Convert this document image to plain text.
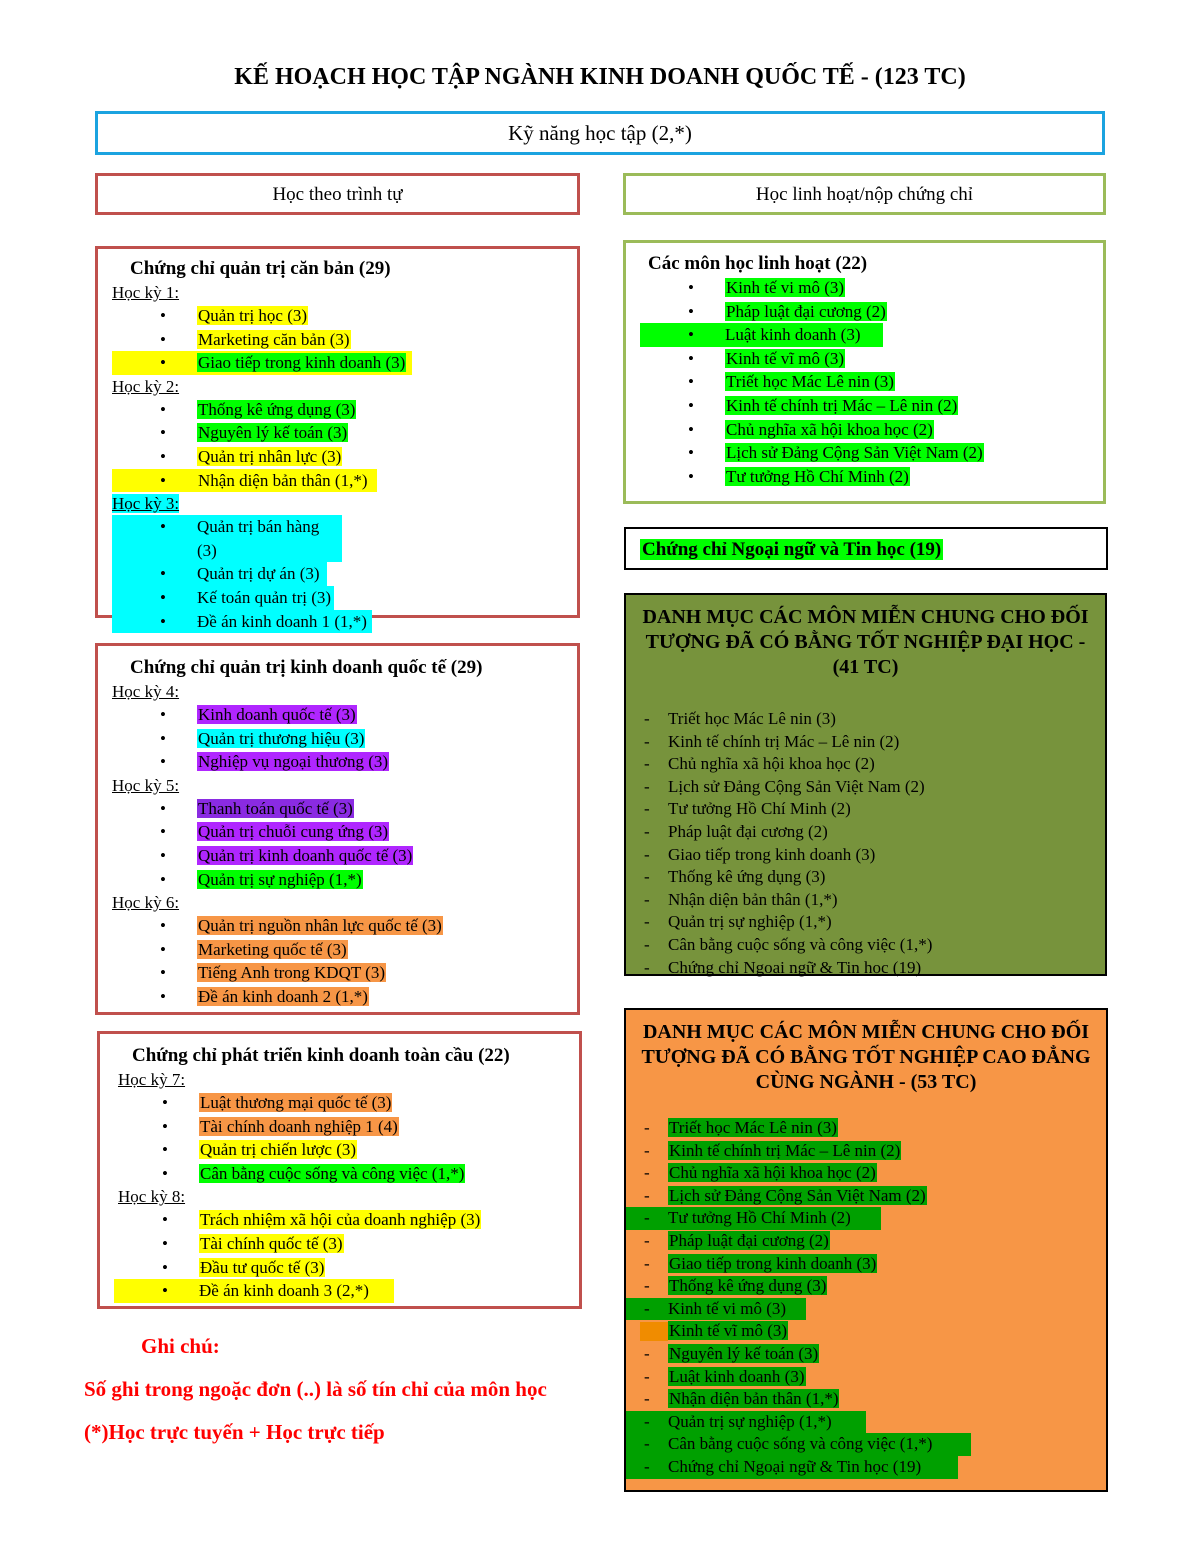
KẾ HOẠCH HỌC TẬP NGÀNH KINH DOANH QUỐC TẾ - (123 TC)
Kỹ năng học tập (2,*)
Học theo trình tự	Học linh hoạt/nộp chứng chỉ
Chứng chỉ quản trị căn bản (29)
Học kỳ 1:
• Quản trị học (3)
• Marketing căn bản (3)
• Giao tiếp trong kinh doanh (3)
Học kỳ 2:
• Thống kê ứng dụng (3)
• Nguyên lý kế toán (3)
• Quản trị nhân lực (3)
• Nhận diện bản thân (1,*)
Học kỳ 3:
• Quản trị bán hàng (3)
• Quản trị dự án (3)
• Kế toán quản trị (3)
• Đề án kinh doanh 1 (1,*)
Chứng chỉ quản trị kinh doanh quốc tế (29)
Học kỳ 4:
• Kinh doanh quốc tế (3)
• Quản trị thương hiệu (3)
• Nghiệp vụ ngoại thương (3)
Học kỳ 5:
• Thanh toán quốc tế (3)
• Quản trị chuỗi cung ứng (3)
• Quản trị kinh doanh quốc tế (3)
• Quản trị sự nghiệp (1,*)
Học kỳ 6:
• Quản trị nguồn nhân lực quốc tế (3)
• Marketing quốc tế (3)
• Tiếng Anh trong KDQT (3)
• Đề án kinh doanh 2 (1,*)
Chứng chỉ phát triển kinh doanh toàn cầu (22)
Học kỳ 7:
• Luật thương mại quốc tế (3)
• Tài chính doanh nghiệp 1 (4)
• Quản trị chiến lược (3)
• Cân bằng cuộc sống và công việc (1,*)
Học kỳ 8:
• Trách nhiệm xã hội của doanh nghiệp (3)
• Tài chính quốc tế (3)
• Đầu tư quốc tế (3)
• Đề án kinh doanh 3 (2,*)
Ghi chú:
Số ghi trong ngoặc đơn (..) là số tín chỉ của môn học
(*)Học trực tuyến + Học trực tiếp
Các môn học linh hoạt (22)
• Kinh tế vi mô (3)
• Pháp luật đại cương (2)
• Luật kinh doanh (3)
• Kinh tế vĩ mô (3)
• Triết học Mác Lê nin (3)
• Kinh tế chính trị Mác – Lê nin (2)
• Chủ nghĩa xã hội khoa học (2)
• Lịch sử Đảng Cộng Sản Việt Nam (2)
• Tư tưởng Hồ Chí Minh (2)
Chứng chỉ Ngoại ngữ và Tin học (19)
DANH MỤC CÁC MÔN MIỄN CHUNG CHO ĐỐI TƯỢNG ĐÃ CÓ BẰNG TỐT NGHIỆP ĐẠI HỌC - (41 TC)
- Triết học Mác Lê nin (3)
- Kinh tế chính trị Mác – Lê nin (2)
- Chủ nghĩa xã hội khoa học (2)
- Lịch sử Đảng Cộng Sản Việt Nam (2)
- Tư tưởng Hồ Chí Minh (2)
- Pháp luật đại cương (2)
- Giao tiếp trong kinh doanh (3)
- Thống kê ứng dụng (3)
- Nhận diện bản thân (1,*)
- Quản trị sự nghiệp (1,*)
- Cân bằng cuộc sống và công việc (1,*)
- Chứng chỉ Ngoại ngữ & Tin học (19)
DANH MỤC CÁC MÔN MIỄN CHUNG CHO ĐỐI TƯỢNG ĐÃ CÓ BẰNG TỐT NGHIỆP CAO ĐẲNG CÙNG NGÀNH - (53 TC)
- Triết học Mác Lê nin (3)
- Kinh tế chính trị Mác – Lê nin (2)
- Chủ nghĩa xã hội khoa học (2)
- Lịch sử Đảng Cộng Sản Việt Nam (2)
- Tư tưởng Hồ Chí Minh (2)
- Pháp luật đại cương (2)
- Giao tiếp trong kinh doanh (3)
- Thống kê ứng dụng (3)
- Kinh tế vi mô (3)
- Kinh tế vĩ mô (3)
- Nguyên lý kế toán (3)
- Luật kinh doanh (3)
- Nhận diện bản thân (1,*)
- Quản trị sự nghiệp (1,*)
- Cân bằng cuộc sống và công việc (1,*)
- Chứng chỉ Ngoại ngữ & Tin học (19)
